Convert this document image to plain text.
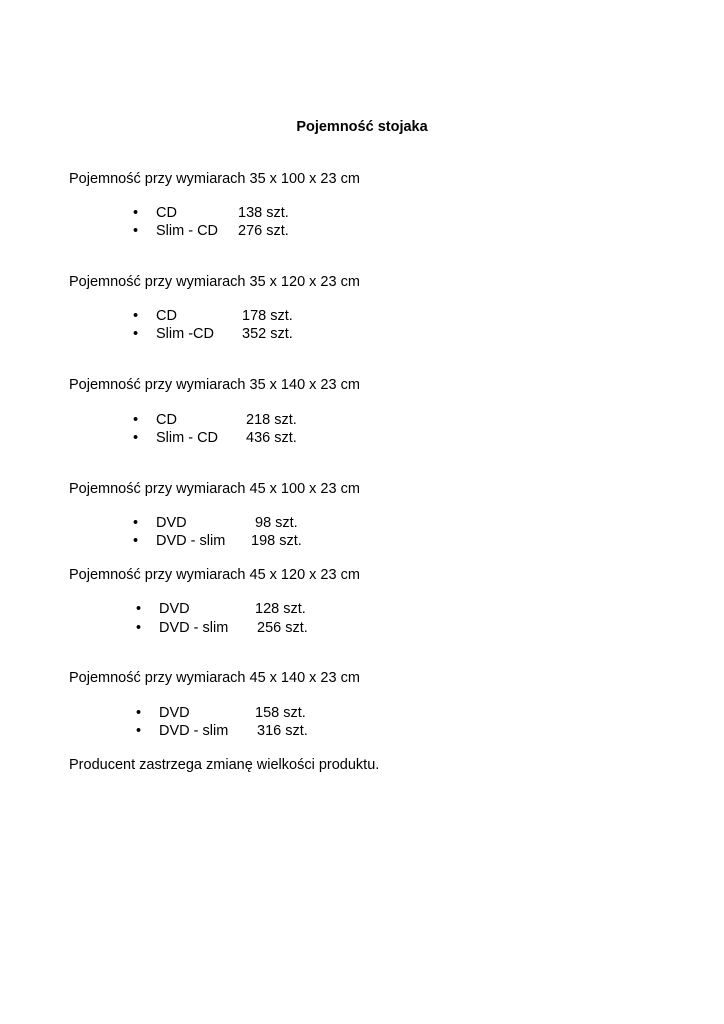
Pojemność stojaka
Pojemność przy wymiarach 35 x 100 x 23 cm
• CD	138 szt.
• Slim - CD 276 szt.
Pojemność przy wymiarach 35 x 120 x 23 cm
• CD	178 szt.
• Slim -CD 352 szt.
Pojemność przy wymiarach 35 x 140 x 23 cm
• CD	218 szt.
• Slim - CD 436 szt.
Pojemność przy wymiarach 45 x 100 x 23 cm
• DVD	98 szt.
• DVD - slim 198 szt.
Pojemność przy wymiarach 45 x 120 x 23 cm
• DVD	128 szt.
• DVD - slim 256 szt.
Pojemność przy wymiarach 45 x 140 x 23 cm
• DVD	158 szt.
• DVD - slim 316 szt.
Producent zastrzega zmianę wielkości produktu.
